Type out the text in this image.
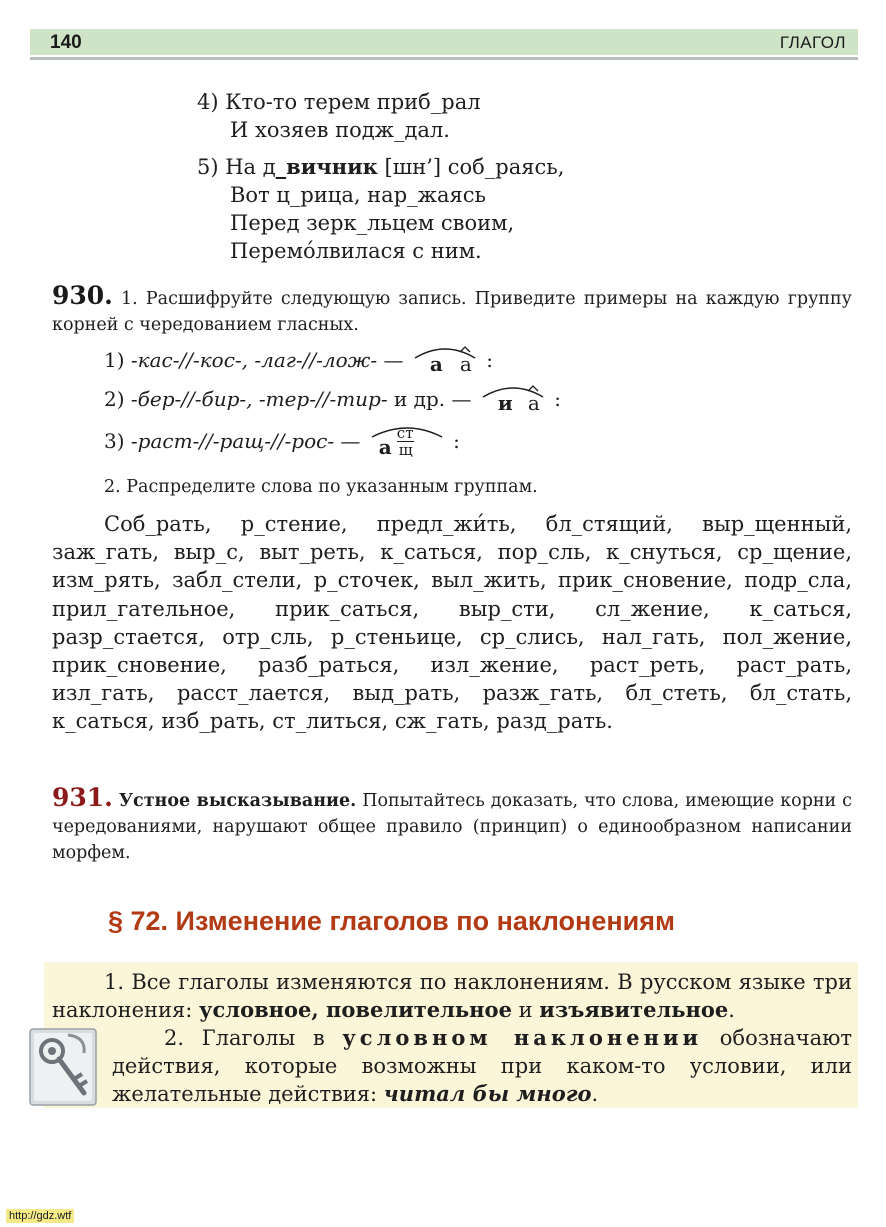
140	ГЛАГОЛ
4) Кто-то терем приб_рал
И хозяев подж_дал.
5) На д_вичник [шн’] соб_раясь,
Вот ц_рица, нар_жаясь
Перед зерк_льцем своим,
Перемо́лвилася с ним.

930. 1. Расшифруйте следующую запись. Приведите примеры на каждую группу корней с чередованием гласных.

1) -кас-//-кос-, -лаг-//-лож- — а а :
2) -бер-//-бир-, -тер-//-тир- и др. — и а :
3) -раст-//-ращ-//-рос- — а
ст
щ :

2. Распределите слова по указанным группам.

Соб_рать, р_стение, предл_жи́ть, бл_стящий, выр_щенный, заж_гать, выр_с, выт_реть, к_саться, пор_сль, к_снуться, ср_щение, изм_рять, забл_стели, р_сточек, выл_жить, прик_сновение, подр_сла, прил_гательное, прик_саться, выр_сти, сл_жение, к_саться, разр_стается, отр_сль, р_стеньице, ср_слись, нал_гать, пол_жение, прик_сновение, разб_раться, изл_жение, раст_реть, раст_рать, изл_гать, расст_лается, выд_рать, разж_гать, бл_стеть, бл_стать, к_саться, изб_рать, ст_литься, сж_гать, разд_рать.

931. Устное высказывание. Попытайтесь доказать, что слова, имеющие корни с чередованиями, нарушают общее правило (принцип) о единообразном написании морфем.

§ 72. Изменение глаголов по наклонениям

1. Все глаголы изменяются по наклонениям. В русском языке три наклонения: условное, повелительное и изъявительное.

2. Глаголы в условном наклонении обозначают действия, которые возможны при каком-то условии, или желательные действия: читал бы много.

http://gdz.wtf
